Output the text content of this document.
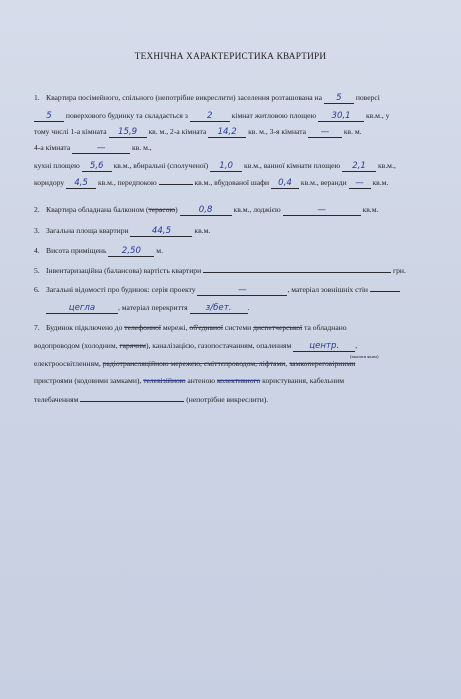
ТЕХНІЧНА ХАРАКТЕРИСТИКА КВАРТИРИ
1. Квартира посімейного, спільного (непотрібне викреслити) заселення розташована на 5 поверсі
5 поверхового будинку та складається з 2	кімнат житловою площею 30,1 кв.м., у
тому числі 1-а кімната 15,9 кв. м., 2-а кімната 14,2 кв. м., 3-я кімната — кв. м.
4-а кімната	—	кв. м.,
кухні площею 5,6 кв.м., вбиральні (сполученої) 1,0 кв.м., ванної кімнати площею 2,1 кв.м.,
коридору 4,5 кв.м., передпокою	кв.м., вбудованої шафи 0,4 кв.м., веранди — кв.м.
2. Квартира обладнана балконом (терасою) 0,8	кв.м., лоджією	—	кв.м.
3. Загальна площа квартири	44,5	кв.м.
4. Висота приміщень 2,50 м.
5. Інвентаризаційна (балансова) вартість квартири	грн.
6. Загальні відомості про будинок: серія проекту	—	, матеріал зовнішніх стін
цегла	, матеріал перекриття з/бет. .
7. Будинок підключено до телефонної мережі, об'єднаної системи диспетчерської та обладнано
водопроводом (холодним, гарячим), каналізацією, газопостачанням, опаленням центр. ,
(вказати яким)
електроосвітленням, радіотрансляційною мережею, сміттєпроводом, ліфтами, замкопереговірними
пристроями (кодовими замками), телевізійною антеною колективного користування, кабельним
телебаченням	(непотрібне викреслити).
